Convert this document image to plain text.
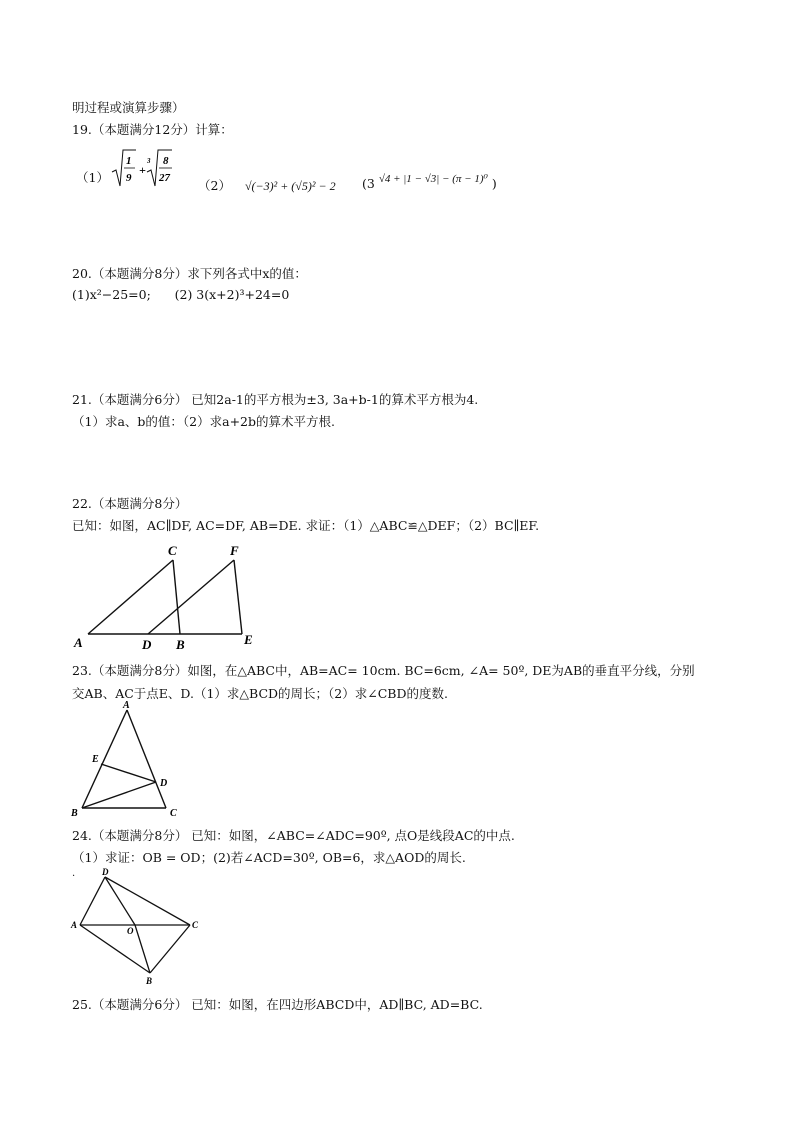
明过程或演算步骤）
19.（本题满分12分）计算：
（1）
1
9
+
3 8
27 （2） √(−3)² + (√5)² − 2 (3 √4 + |1 − √3| − (π − 1)⁰ )
20.（本题满分8分）求下列各式中x的值：
(1)x²−25=0;      (2) 3(x+2)³+24=0
21.（本题满分6分） 已知2a-1的平方根为±3, 3a+b-1的算术平方根为4.
（1）求a、b的值：（2）求a+2b的算术平方根.
22.（本题满分8分）
已知：如图，AC∥DF, AC=DF, AB=DE. 求证：（1）△ABC≌△DEF；（2）BC∥EF.
A	D B	E
C	F
23.（本题满分8分）如图，在△ABC中，AB=AC= 10cm. BC=6cm, ∠A= 50º, DE为AB的垂直平分线，分别
交AB、AC于点E、D.（1）求△BCD的周长；（2）求∠CBD的度数.
A
E
D
B	C
24.（本题满分8分） 已知：如图，∠ABC=∠ADC=90º, 点O是线段AC的中点.
（1）求证：OB = OD；(2)若∠ACD=30º, OB=6，求△AOD的周长.
.	D
A
O
C
B
25.（本题满分6分） 已知：如图，在四边形ABCD中，AD∥BC, AD=BC.
